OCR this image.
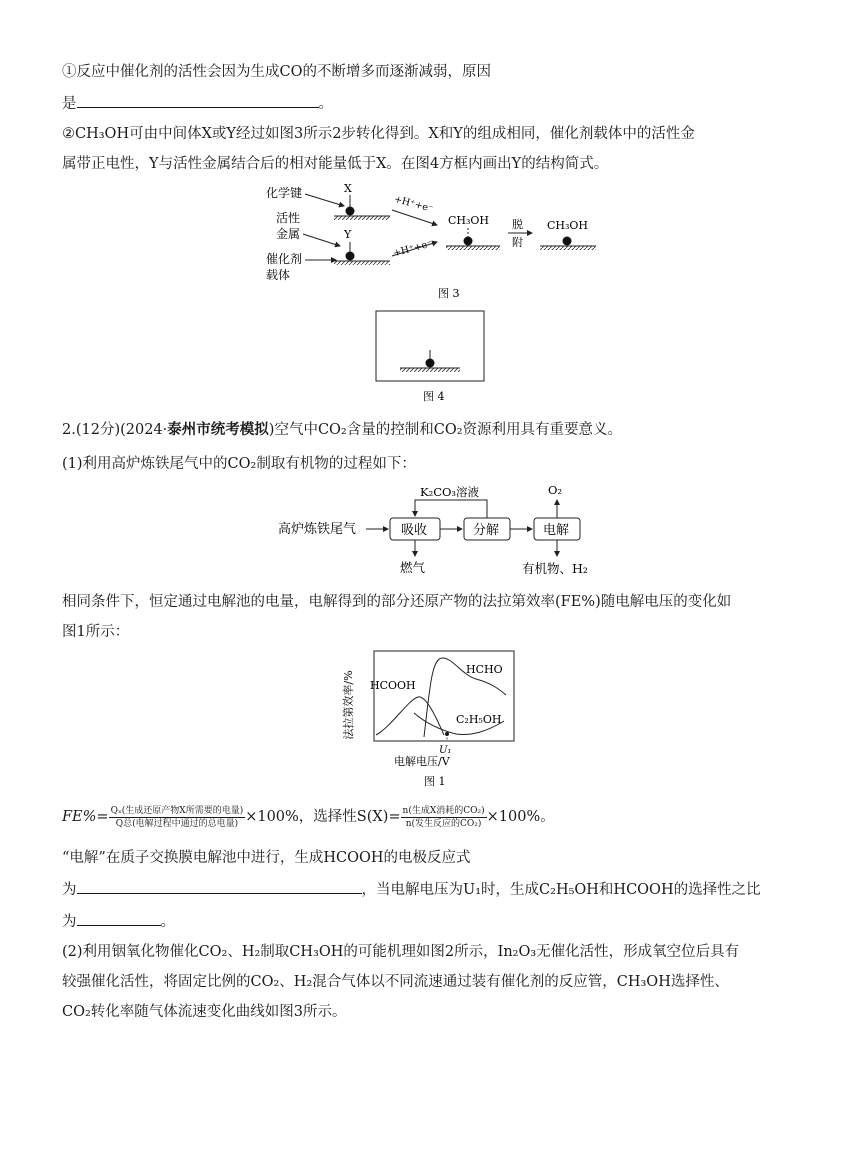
①反应中催化剂的活性会因为生成CO的不断增多而逐渐减弱，原因
是	。
②CH₃OH可由中间体X或Y经过如图3所示2步转化得到。X和Y的组成相同，催化剂载体中的活性金
属带正电性，Y与活性金属结合后的相对能量低于X。在图4方框内画出Y的结构简式。
化学键
活性
金属
催化剂
载体
X
Y
+H⁺+e⁻
+H⁺+e⁻
CH₃OH 脱
附
CH₃OH
图 3
图 4
2.(12分)(2024·泰州市统考模拟)空气中CO₂含量的控制和CO₂资源利用具有重要意义。
(1)利用高炉炼铁尾气中的CO₂制取有机物的过程如下：
高炉炼铁尾气	吸收	分解	电解
K₂CO₃溶液	O₂
燃气	有机物、H₂
相同条件下，恒定通过电解池的电量，电解得到的部分还原产物的法拉第效率(FE%)随电解电压的变化如
图1所示：
法拉第效率/% HCOOH
HCHO
C₂H₅OH
U₁
电解电压/V
图 1
$FE\%= \frac{\text{Qₓ(生成还原产物X所需要的电量)}}{\text{Q总(电解过程中通过的总电量)}} \times 100\%$，选择性$S(X)= \frac{\text{n(生成X消耗的CO₂)}}{\text{n(发生反应的CO₂)}} \times 100\%$。
“电解”在质子交换膜电解池中进行，生成HCOOH的电极反应式
为	，当电解电压为U₁时，生成C₂H₅OH和HCOOH的选择性之比
为	。
(2)利用铟氧化物催化CO₂、H₂制取CH₃OH的可能机理如图2所示，In₂O₃无催化活性，形成氧空位后具有
较强催化活性，将固定比例的CO₂、H₂混合气体以不同流速通过装有催化剂的反应管，CH₃OH选择性、
CO₂转化率随气体流速变化曲线如图3所示。
